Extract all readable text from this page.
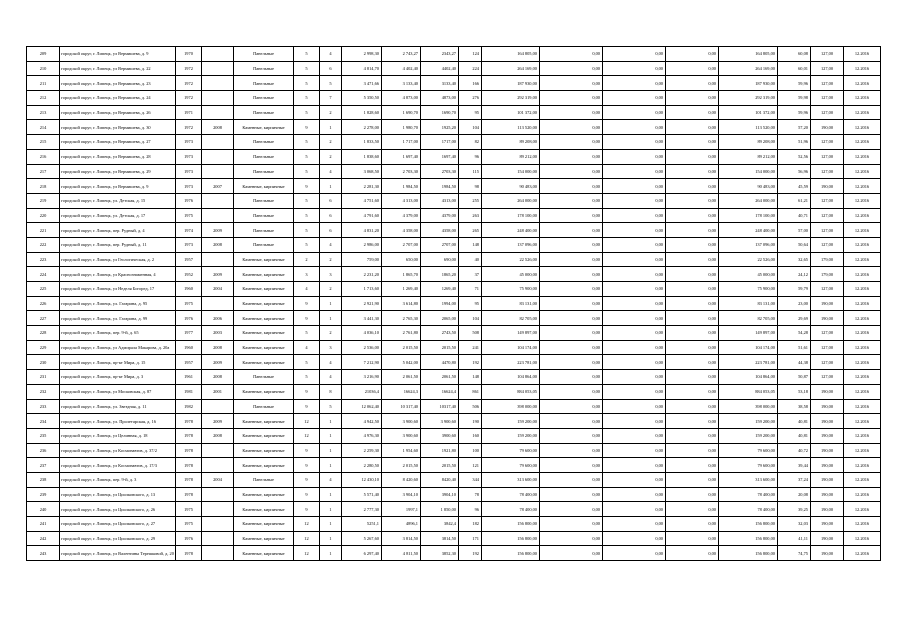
209	городской округ, г. Липецк, ул Вермишева, д. 9	1970		Панельные	5	4	2 998,30	2 743,27	2343,27	124	164 805,00	0,00	0,00	0,00	164 805,00	60,08	127,00	12.2016
210	городской округ, г. Липецк, ул Вермишева, д. 22	1972		Панельные	5	6	4 814,70	4 402,40	4402,40	224	264 169,00	0,00	0,00	0,00	264 169,00	60,01	127,00	12.2016
211	городской округ, г. Липецк, ул Вермишева, д. 23	1972		Панельные	5	5	3 471,66	3 133,40	3133,40	166	187 930,00	0,00	0,00	0,00	187 930,00	59,96	127,00	12.2016
212	городской округ, г. Липецк, ул Вермишева, д. 24	1972		Панельные	5	7	5 350,50	4 873,00	4873,00	276	292 319,00	0,00	0,00	0,00	292 319,00	59,98	127,00	12.2016
213	городской округ, г. Липецк, ул Вермишева, д. 26	1971		Панельные	5	2	1 828,60	1 690,70	1690,70	95	101 372,00	0,00	0,00	0,00	101 372,00	59,96	127,00	12.2016
214	городской округ, г. Липецк, ул Вермишева, д. 30	1972	2008	Каменные, кирпичные	9	1	2 278,00	1 980,70	1925,20	104	113 520,00	0,00	0,00	0,00	113 520,00	57,20	190,00	12.2016
215	городской округ, г. Липецк, ул Вермишева, д. 27	1973		Панельные	5	2	1 833,50	1 717,00	1717,00	82	89 208,00	0,00	0,00	0,00	89 208,00	51,96	127,00	12.2016
216	городской округ, г. Липецк, ул Вермишева, д. 28	1973		Панельные	5	2	1 838,60	1 697,40	1697,40	96	89 212,00	0,00	0,00	0,00	89 212,00	52,56	127,00	12.2016
217	городской округ, г. Липецк, ул Вермишева, д. 29	1973		Панельные	5	4	3 068,50	2 703,30	2703,30	115	154 000,00	0,00	0,00	0,00	154 000,00	56,96	127,00	12.2016
218	городской округ, г. Липецк, ул Вермишева, д. 9	1973	2007	Каменные, кирпичные	9	1	2 281,30	1 984,50	1984,50	98	90 483,00	0,00	0,00	0,00	90 483,00	45,59	190,00	12.2016
219	городской округ, г. Липецк, ул. Детская, д. 15	1976		Панельные	5	6	4 751,60	4 313,00	4313,00	255	264 000,00	0,00	0,00	0,00	264 000,00	61,21	127,00	12.2016
220	городской округ, г. Липецк, ул. Детская, д. 17	1975		Панельные	5	6	4 791,60	4 379,00	4379,00	263	178 100,00	0,00	0,00	0,00	178 100,00	40,71	127,00	12.2016
221	городской округ, г. Липецк, пер. Рудный, д. 4	1974	2009	Панельные	5	6	4 831,20	4 358,00	4358,00	265	248 400,00	0,00	0,00	0,00	248 400,00	57,00	127,00	12.2016
222	городской округ, г. Липецк, пер. Рудный, д. 11	1973	2008	Панельные	5	4	2 986,00	2 707,00	2707,00	148	137 096,00	0,00	0,00	0,00	137 096,00	50,64	127,00	12.2016
223	городской округ, г. Липецк, ул Геологическая, д. 2	1957		Каменные, кирпичные	2	2	759,00	650,00	690,00	40	22 526,00	0,00	0,00	0,00	22 526,00	32,65	179,00	12.2016
224	городской округ, г. Липецк, ул Краснознаменная, 4	1952	2009	Каменные, кирпичные	3	3	2 231,20	1 865,70	1865,20	37	45 000,00	0,00	0,00	0,00	45 000,00	24,12	179,00	12.2016
225	городской округ, г. Липецк, ул Неделя Богоред, 17	1960	2004	Каменные, кирпичные	4	2	1 713,60	1 269,40	1269,40	71	75 900,00	0,00	0,00	0,00	75 900,00	59,79	127,00	12.2016
226	городской округ, г. Липецк, ул. Гагарина, д. 95	1975		Каменные, кирпичные	9	1	2 921,90	3 614,80	1994,00	95	83 131,00	0,00	0,00	0,00	83 131,00	23,00	190,00	12.2016
227	городской округ, г. Липецк, ул. Гагарина, д. 99	1976	2006	Каменные, кирпичные	9	1	3 441,30	2 765,30	2065,00	104	82 705,00	0,00	0,00	0,00	82 705,00	29,69	190,00	12.2016
228	городской округ, г. Липецк, пер. 9-й, д. 65	1977	2003	Каменные, кирпичные	5	2	4 036,10	2 761,80	2743,50	508	149 897,00	0,00	0,00	0,00	149 897,00	54,28	127,00	12.2016
229	городской округ, г. Липецк, ул Адмирала Макарова, д. 20а	1960	2008	Каменные, кирпичные	4	3	2 536,00	2 015,50	2015,50	241	104 174,00	0,00	0,00	0,00	104 174,00	51,61	127,00	12.2016
230	городской округ, г. Липецк, пр-кт Мира, д. 15	1957	2009	Каменные, кирпичные	5	4	7 212,90	5 042,00	4470,80	192	223 781,00	0,00	0,00	0,00	223 781,00	44,38	127,00	12.2016
231	городской округ, г. Липецк, пр-кт Мира, д. 3	1961	2008	Панельные	5	4	3 216,90	2 061,50	2061,50	148	104 864,00	0,00	0,00	0,00	104 864,00	50,87	127,00	12.2016
232	городской округ, г. Липецк, ул Московская, д. 87	1981	2001	Каменные, кирпичные	9	8	21036,4	16624,3	16624,4	861	884 053,05	0,00	0,00	0,00	884 053,05	53,18	190,00	12.2016
233	городской округ, г. Липецк, ул. Звездная, д. 11	1982		Панельные	9	5	12 062,40	10 317,40	10317,40	506	398 000,00	0,00	0,00	0,00	398 000,00	38,58	190,00	12.2016
234	городской округ, г. Липецк, ул. Пролетарская, д. 16	1978	2009	Каменные, кирпичные	12	1	4 942,50	3 900,60	3 900,60	190	159 200,00	0,00	0,00	0,00	159 200,00	40,81	190,00	12.2016
235	городской округ, г. Липецк, ул Целинная, д. 18	1978	2008	Каменные, кирпичные	12	1	4 976,30	3 900,60	3900,60	160	159 200,00	0,00	0,00	0,00	159 200,00	40,81	190,00	12.2016
236	городской округ, г. Липецк, ул Космонавтов, д. 37/2	1978		Каменные, кирпичные	9	1	2 259,30	1 954,60	1921,80	100	79 600,00	0,00	0,00	0,00	79 600,00	40,72	190,00	12.2016
237	городской округ, г. Липецк, ул Космонавтов, д. 17/3	1978		Каменные, кирпичные	9	1	2 280,50	2 015,50	2015,50	121	79 600,00	0,00	0,00	0,00	79 600,00	39,44	190,00	12.2016
238	городской округ, г. Липецк, пер. 9-й, д. 3	1978	2004	Панельные	9	4	12 430,10	8 420,60	8420,40	344	313 600,00	0,00	0,00	0,00	313 600,00	37,24	190,00	12.2016
239	городской округ, г. Липецк, ул Циолковского, д. 13	1978		Каменные, кирпичные	9	1	5 571,40	3 904,10	3904,10	78	78 400,00	0,00	0,00	0,00	78 400,00	20,08	190,00	12.2016
240	городской округ, г. Липецк, ул Циолковского, д. 26	1975		Каменные, кирпичные	9	1	2 777,30	1997,1	1 850,00	96	78 400,00	0,00	0,00	0,00	78 400,00	39,25	190,00	12.2016
241	городской округ, г. Липецк, ул Циолковского, д. 27	1975		Каменные, кирпичные	12	1	5251,1	4896,1	3842,4	182	156 800,00	0,00	0,00	0,00	156 800,00	32,03	190,00	12.2016
242	городской округ, г. Липецк, ул Циолковского, д. 29	1976		Каменные, кирпичные	12	1	5 267,60	3 814,50	3814,50	171	156 800,00	0,00	0,00	0,00	156 800,00	41,11	190,00	12.2016
243	городской округ, г. Липецк, ул Валентины Терешковой, д. 20	1978		Каменные, кирпичные	12	1	6 297,40	4 811,50	3852,30	192	156 800,00	0,00	0,00	0,00	156 800,00	74,75	190,00	12.2016
